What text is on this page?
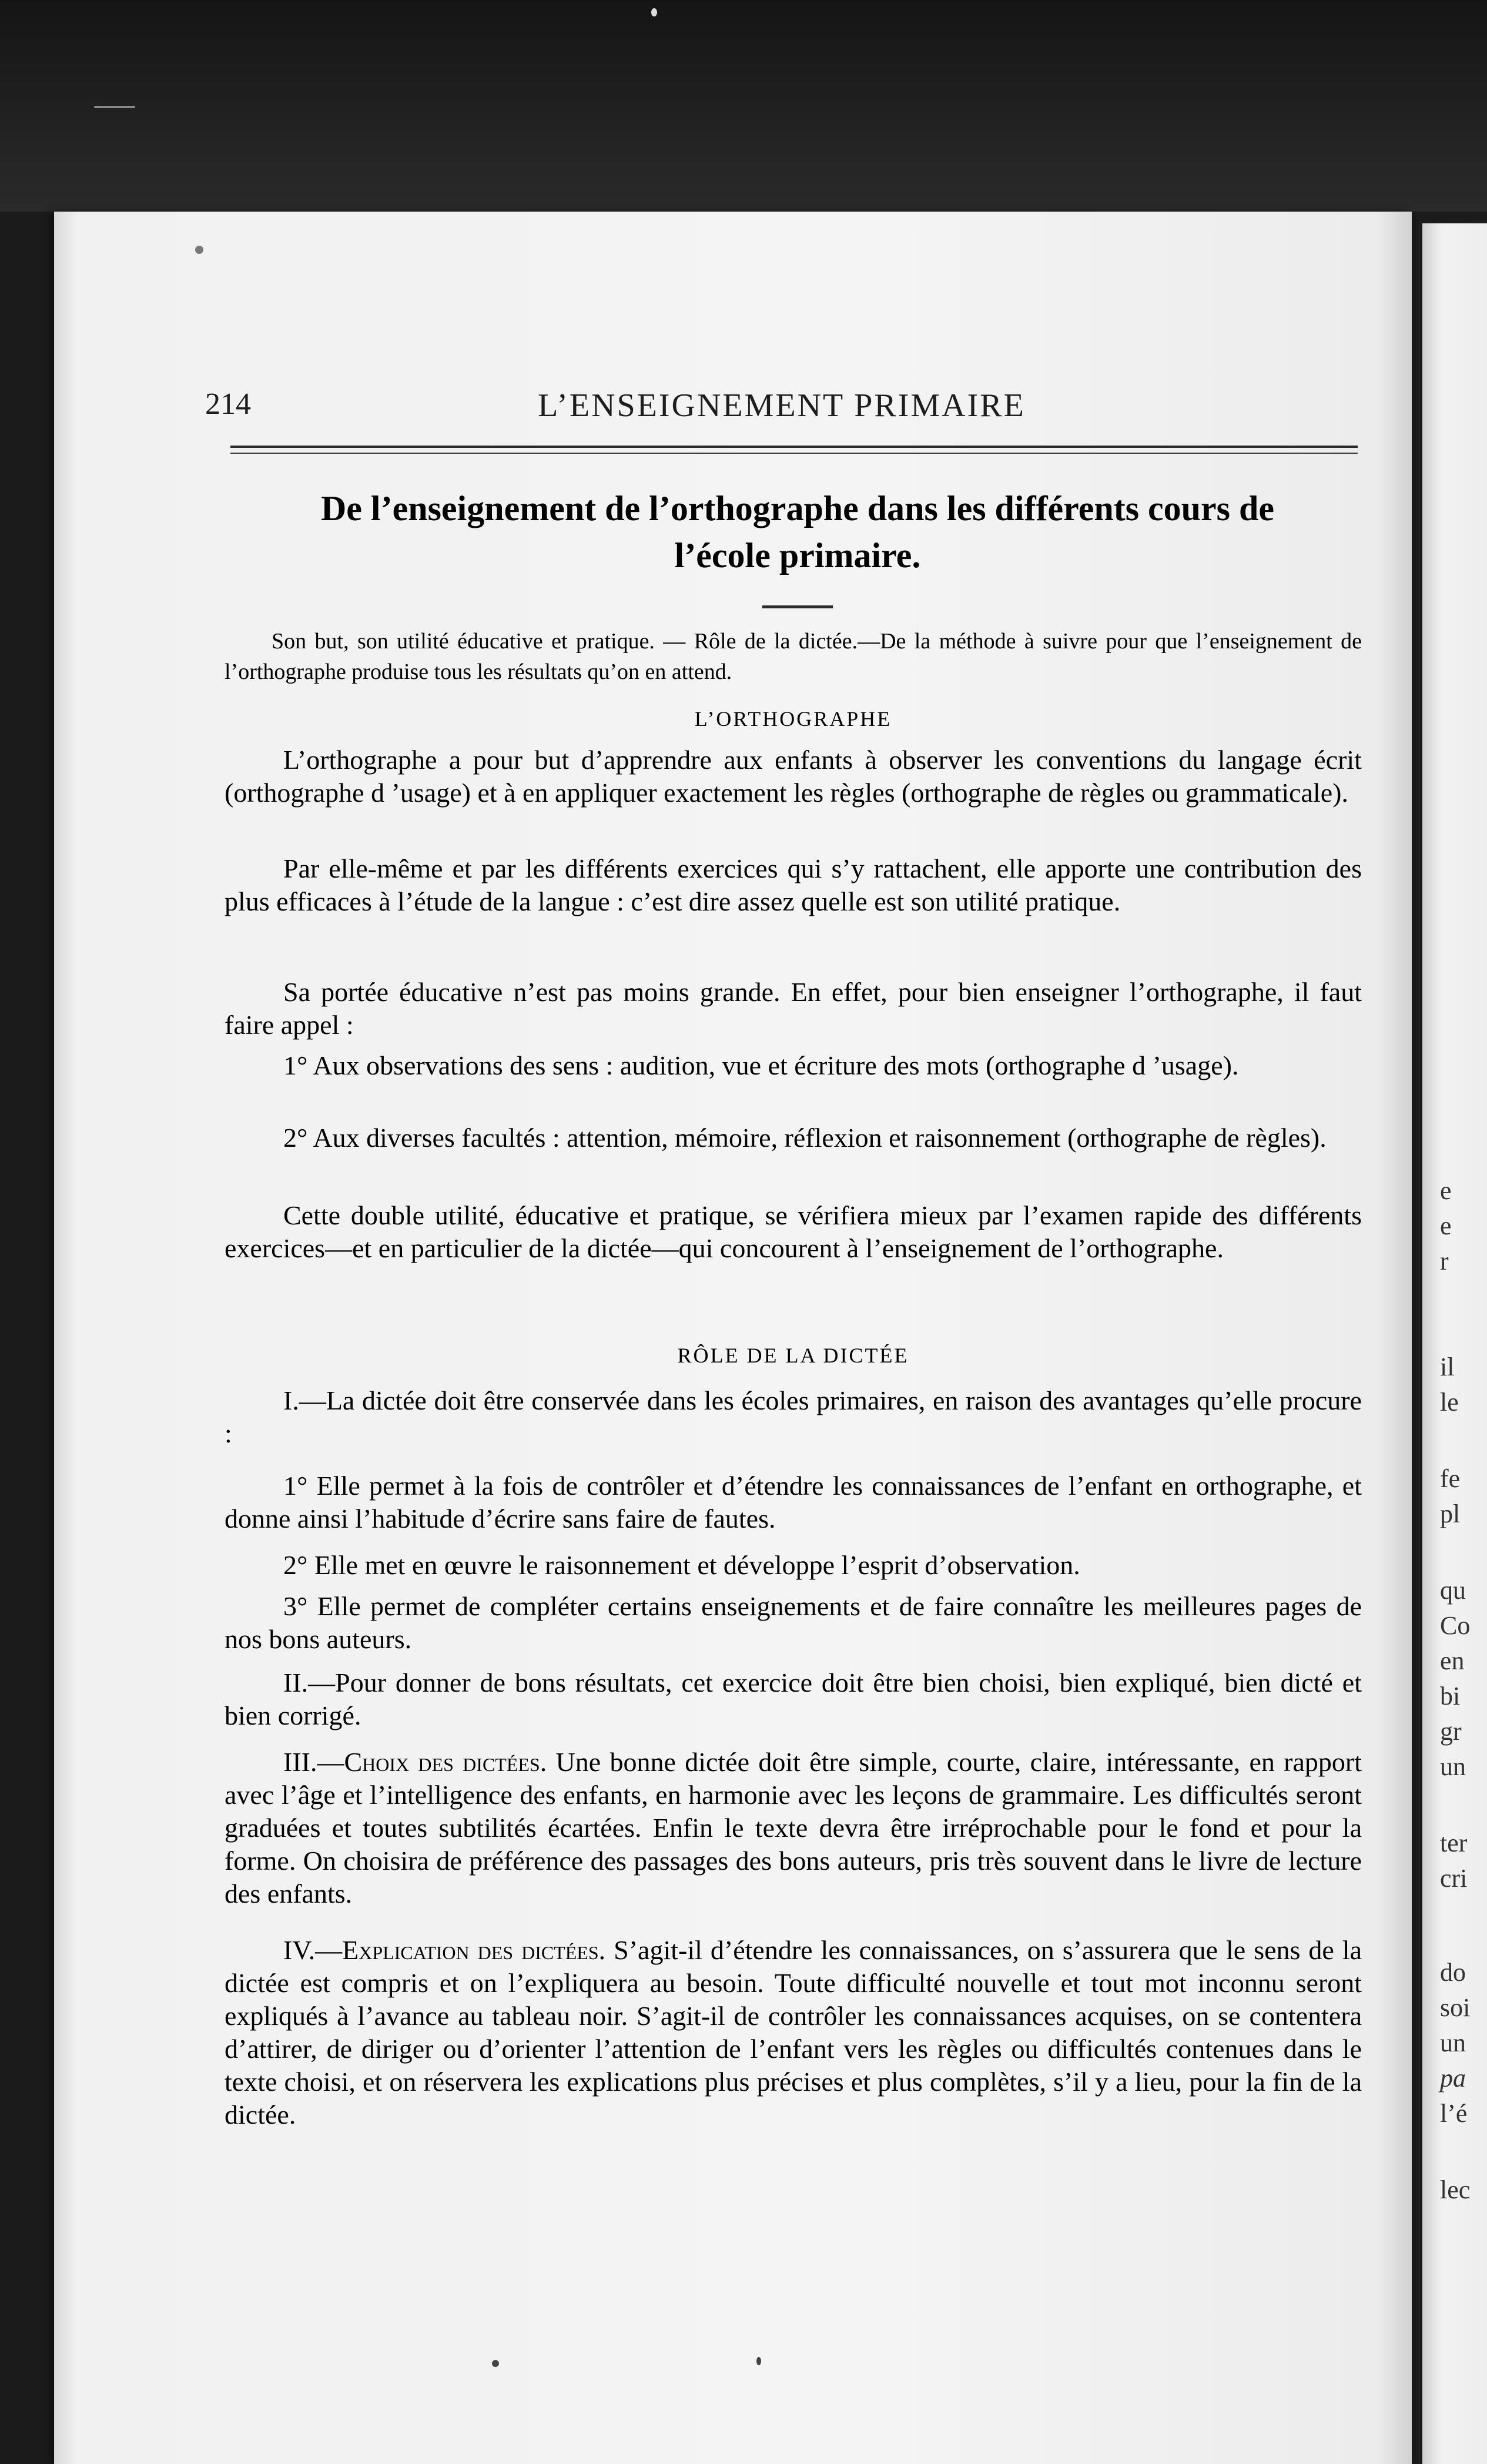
e
e
r
il
le
fe
pl
qu
Co
en
bi
gr
un
ter
cri
do
soi
un
pa
l’é
lec
214	L’ENSEIGNEMENT PRIMAIRE
De l’enseignement de l’orthographe dans les différents cours de
l’école primaire.
Son but, son utilité éducative et pratique. — Rôle de la dictée.—De la méthode à suivre pour que l’enseignement de l’orthographe produise tous les résultats qu’on en attend.
L’ORTHOGRAPHE
L’orthographe a pour but d’apprendre aux enfants à observer les conventions du langage écrit (orthographe d ’usage) et à en appliquer exactement les règles (orthographe de règles ou grammaticale).
Par elle-même et par les différents exercices qui s’y rattachent, elle apporte une contribution des plus efficaces à l’étude de la langue : c’est dire assez quelle est son utilité pratique.
Sa portée éducative n’est pas moins grande. En effet, pour bien enseigner l’orthographe, il faut faire appel :
1° Aux observations des sens : audition, vue et écriture des mots (orthographe d ’usage).
2° Aux diverses facultés : attention, mémoire, réflexion et raisonnement (orthographe de règles).
Cette double utilité, éducative et pratique, se vérifiera mieux par l’examen rapide des différents exercices—et en particulier de la dictée—qui concourent à l’enseignement de l’orthographe.
RÔLE DE LA DICTÉE
I.—La dictée doit être conservée dans les écoles primaires, en raison des avantages qu’elle procure :
1° Elle permet à la fois de contrôler et d’étendre les connaissances de l’enfant en orthographe, et donne ainsi l’habitude d’écrire sans faire de fautes.
2° Elle met en œuvre le raisonnement et développe l’esprit d’observation.
3° Elle permet de compléter certains enseignements et de faire connaître les meilleures pages de nos bons auteurs.
II.—Pour donner de bons résultats, cet exercice doit être bien choisi, bien expliqué, bien dicté et bien corrigé.
III.—Choix des dictées. Une bonne dictée doit être simple, courte, claire, intéressante, en rapport avec l’âge et l’intelligence des enfants, en harmonie avec les leçons de grammaire. Les difficultés seront graduées et toutes subtilités écartées. Enfin le texte devra être irréprochable pour le fond et pour la forme. On choisira de préférence des passages des bons auteurs, pris très souvent dans le livre de lecture des enfants.
IV.—Explication des dictées. S’agit-il d’étendre les connaissances, on s’assurera que le sens de la dictée est compris et on l’expliquera au besoin. Toute difficulté nouvelle et tout mot inconnu seront expliqués à l’avance au tableau noir. S’agit-il de contrôler les connaissances acquises, on se contentera d’attirer, de diriger ou d’orienter l’attention de l’enfant vers les règles ou difficultés contenues dans le texte choisi, et on réservera les explications plus précises et plus complètes, s’il y a lieu, pour la fin de la dictée.
